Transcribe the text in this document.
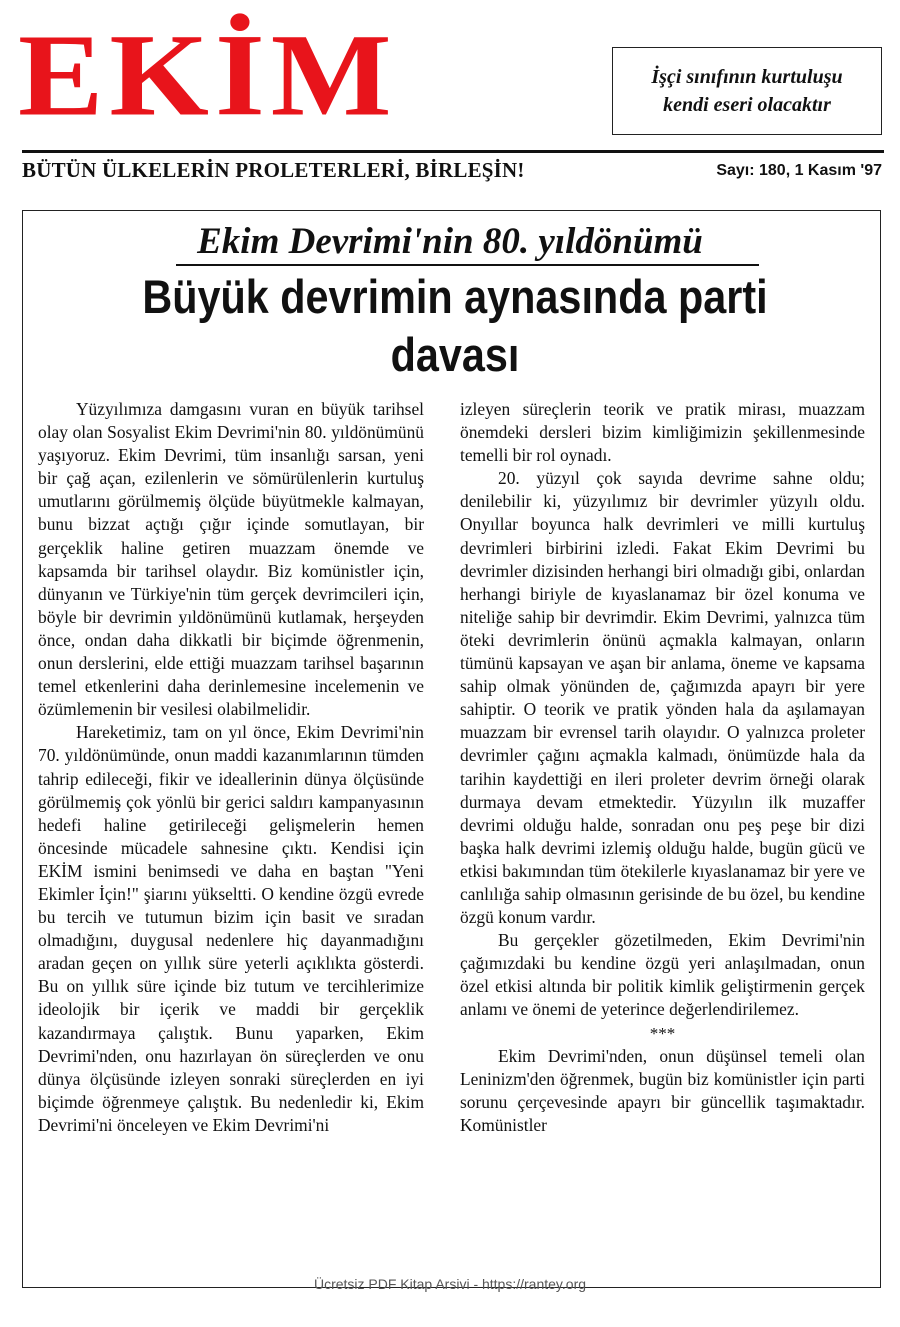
EKİM	İşçi sınıfının kurtuluşu
kendi eseri olacaktır
BÜTÜN ÜLKELERİN PROLETERLERİ, BİRLEŞİN!	Sayı: 180, 1 Kasım '97
Ekim Devrimi'nin 80. yıldönümü
Büyük devrimin aynasında parti davası

Yüzyılımıza damgasını vuran en büyük tarihsel olay olan Sosyalist Ekim Devrimi'nin 80. yıldönümünü yaşıyoruz. Ekim Devrimi, tüm insanlığı sarsan, yeni bir çağ açan, ezilenlerin ve sömürülenlerin kurtuluş umutlarını görülmemiş ölçüde büyütmekle kalmayan, bunu bizzat açtığı çığır içinde somutlayan, bir gerçeklik haline getiren muazzam önemde ve kapsamda bir tarihsel olaydır. Biz komünistler için, dünyanın ve Türkiye'nin tüm gerçek devrimcileri için, böyle bir devrimin yıldönümünü kutlamak, herşeyden önce, ondan daha dikkatli bir biçimde öğrenmenin, onun derslerini, elde ettiği muazzam tarihsel başarının temel etkenlerini daha derinlemesine incelemenin ve özümlemenin bir vesilesi olabilmelidir.

Hareketimiz, tam on yıl önce, Ekim Devrimi'nin 70. yıldönümünde, onun maddi kazanımlarının tümden tahrip edileceği, fikir ve ideallerinin dünya ölçüsünde görülmemiş çok yönlü bir gerici saldırı kampanyasının hedefi haline getirileceği gelişmelerin hemen öncesinde mücadele sahnesine çıktı. Kendisi için EKİM ismini benimsedi ve daha en baştan "Yeni Ekimler İçin!" şiarını yükseltti. O kendine özgü evrede bu tercih ve tutumun bizim için basit ve sıradan olmadığını, duygusal nedenlere hiç dayanmadığını aradan geçen on yıllık süre yeterli açıklıkta gösterdi. Bu on yıllık süre içinde biz tutum ve tercihlerimize ideolojik bir içerik ve maddi bir gerçeklik kazandırmaya çalıştık. Bunu yaparken, Ekim Devrimi'nden, onu hazırlayan ön süreçlerden ve onu dünya ölçüsünde izleyen sonraki süreçlerden en iyi biçimde öğrenmeye çalıştık. Bu nedenledir ki, Ekim Devrimi'ni önceleyen ve Ekim Devrimi'ni

izleyen süreçlerin teorik ve pratik mirası, muazzam önemdeki dersleri bizim kimliğimizin şekillenmesinde temelli bir rol oynadı.

20. yüzyıl çok sayıda devrime sahne oldu; denilebilir ki, yüzyılımız bir devrimler yüzyılı oldu. Onyıllar boyunca halk devrimleri ve milli kurtuluş devrimleri birbirini izledi. Fakat Ekim Devrimi bu devrimler dizisinden herhangi biri olmadığı gibi, onlardan herhangi biriyle de kıyaslanamaz bir özel konuma ve niteliğe sahip bir devrimdir. Ekim Devrimi, yalnızca tüm öteki devrimlerin önünü açmakla kalmayan, onların tümünü kapsayan ve aşan bir anlama, öneme ve kapsama sahip olmak yönünden de, çağımızda apayrı bir yere sahiptir. O teorik ve pratik yönden hala da aşılamayan muazzam bir evrensel tarih olayıdır. O yalnızca proleter devrimler çağını açmakla kalmadı, önümüzde hala da tarihin kaydettiği en ileri proleter devrim örneği olarak durmaya devam etmektedir. Yüzyılın ilk muzaffer devrimi olduğu halde, sonradan onu peş peşe bir dizi başka halk devrimi izlemiş olduğu halde, bugün gücü ve etkisi bakımından tüm ötekilerle kıyaslanamaz bir yere ve canlılığa sahip olmasının gerisinde de bu özel, bu kendine özgü konum vardır.

Bu gerçekler gözetilmeden, Ekim Devrimi'nin çağımızdaki bu kendine özgü yeri anlaşılmadan, onun özel etkisi altında bir politik kimlik geliştirmenin gerçek anlamı ve önemi de yeterince değerlendirilemez.

***

Ekim Devrimi'nden, onun düşünsel temeli olan Leninizm'den öğrenmek, bugün biz komünistler için parti sorunu çerçevesinde apayrı bir güncellik taşımaktadır. Komünistler

Ücretsiz PDF Kitap Arsivi - https://rantey.org
